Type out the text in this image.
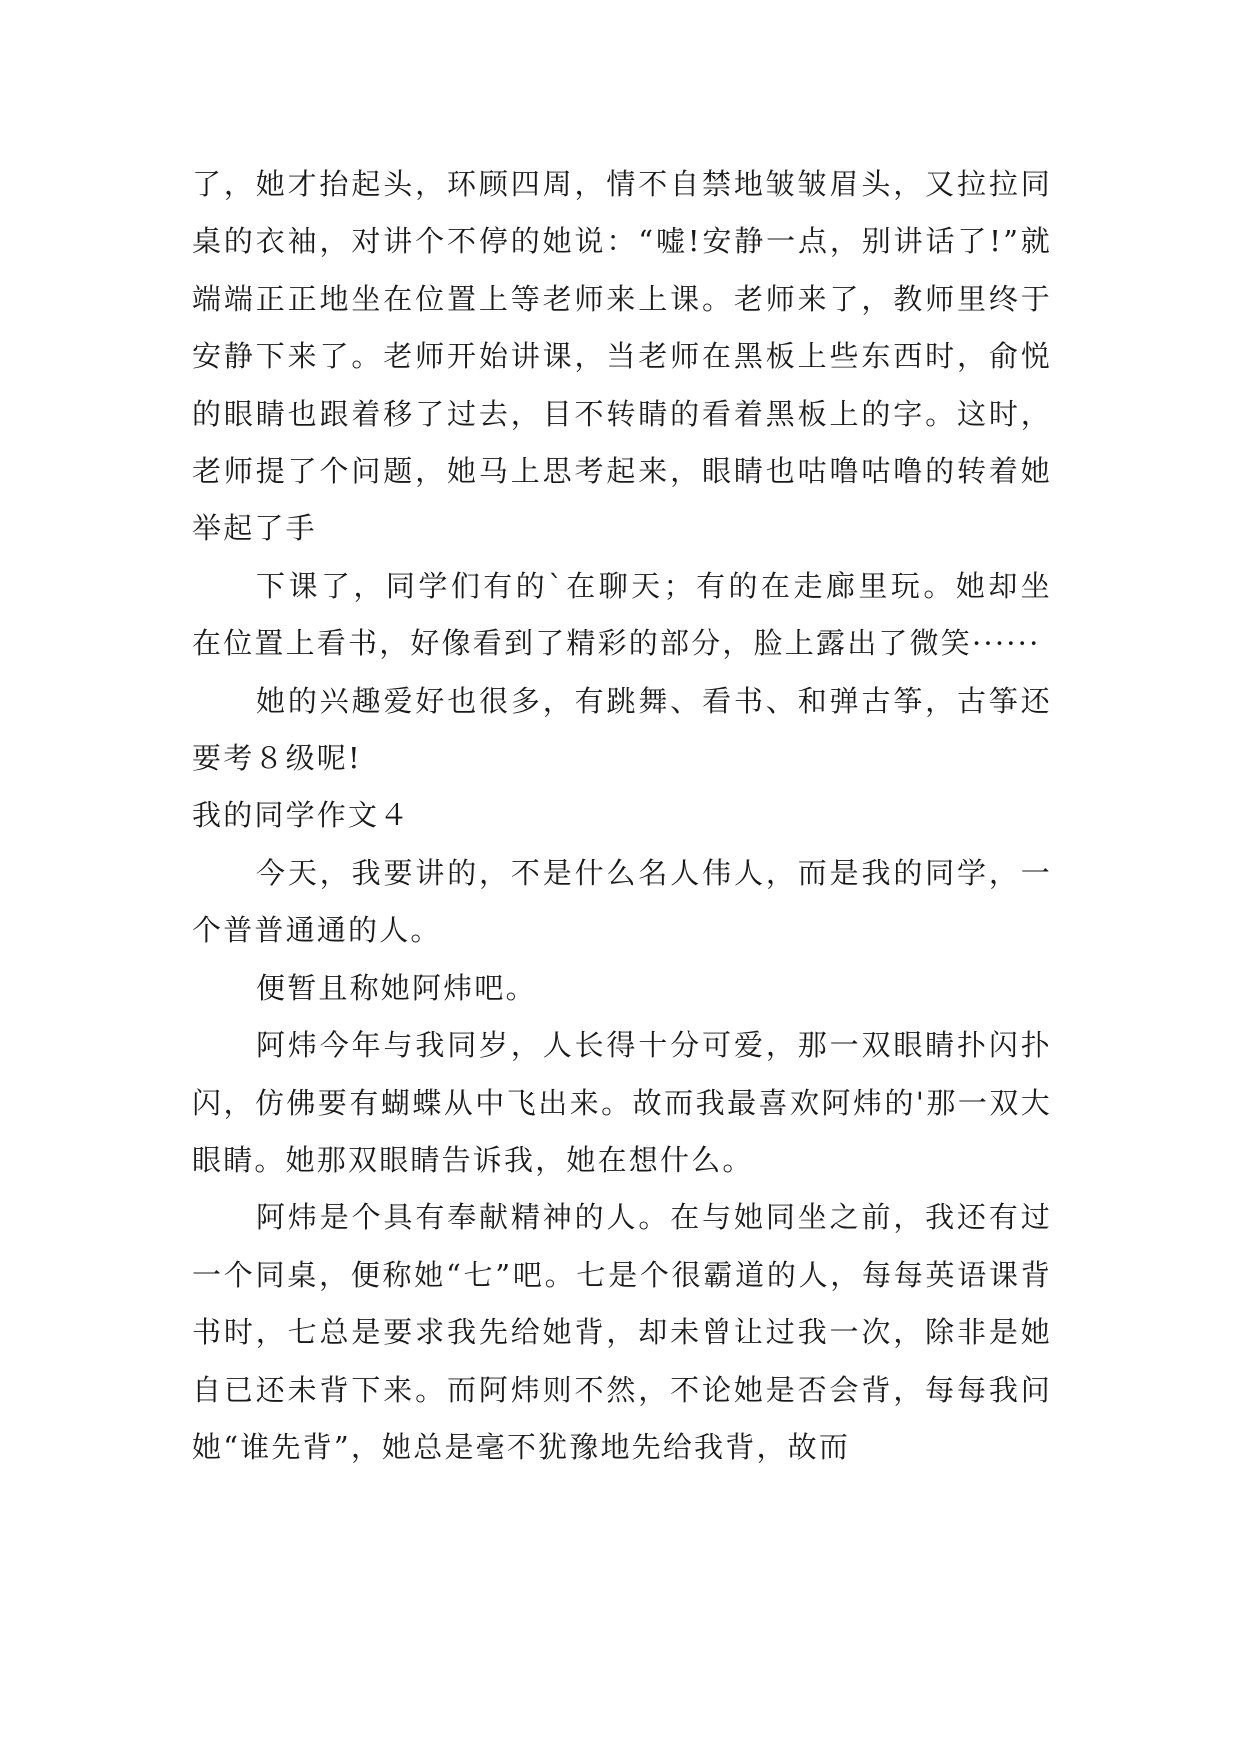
了，她才抬起头，环顾四周，情不自禁地皱皱眉头，又拉拉同桌的衣袖，对讲个不停的她说：“嘘!安静一点，别讲话了!”就端端正正地坐在位置上等老师来上课。老师来了，教师里终于安静下来了。老师开始讲课，当老师在黑板上些东西时，俞悦的眼睛也跟着移了过去，目不转睛的看着黑板上的字。这时，老师提了个问题，她马上思考起来，眼睛也咕噜咕噜的转着她举起了手

下课了，同学们有的`在聊天；有的在走廊里玩。她却坐在位置上看书，好像看到了精彩的部分，脸上露出了微笑······

她的兴趣爱好也很多，有跳舞、看书、和弹古筝，古筝还要考８级呢!

我的同学作文４

今天，我要讲的，不是什么名人伟人，而是我的同学，一个普普通通的人。

便暂且称她阿炜吧。

阿炜今年与我同岁，人长得十分可爱，那一双眼睛扑闪扑闪，仿佛要有蝴蝶从中飞出来。故而我最喜欢阿炜的'那一双大眼睛。她那双眼睛告诉我，她在想什么。

阿炜是个具有奉献精神的人。在与她同坐之前，我还有过一个同桌，便称她“七”吧。七是个很霸道的人，每每英语课背书时，七总是要求我先给她背，却未曾让过我一次，除非是她自已还未背下来。而阿炜则不然，不论她是否会背，每每我问她“谁先背”，她总是毫不犹豫地先给我背，故而
